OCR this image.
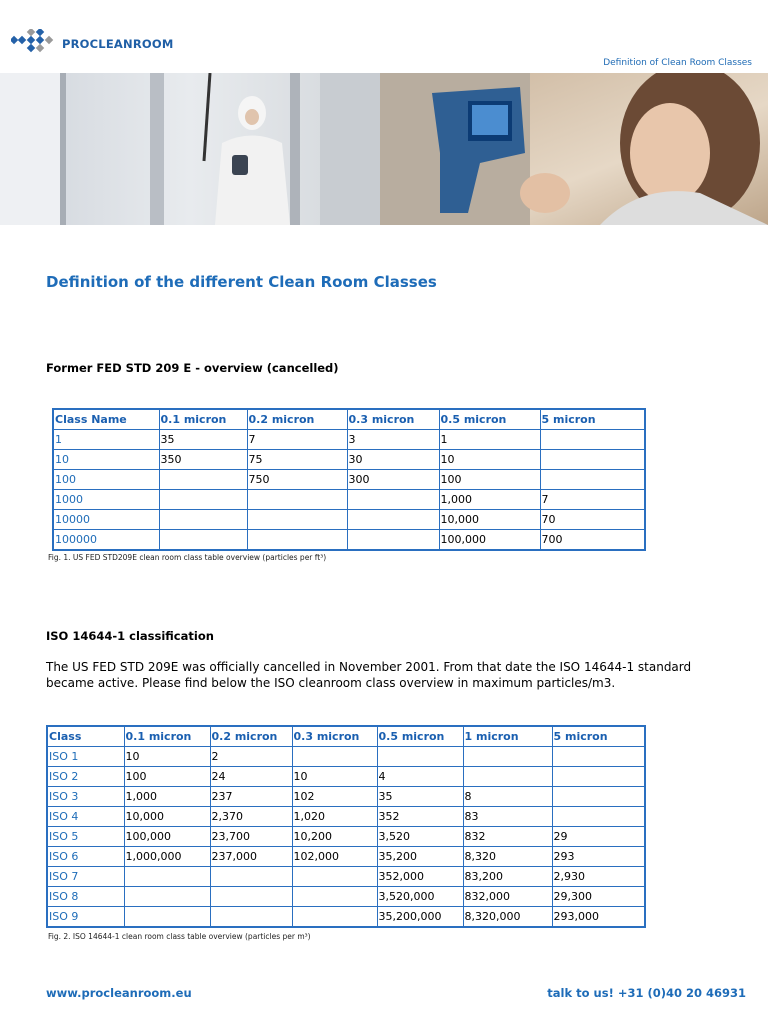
PROCLEANROOM
Definition of Clean Room Classes
Definition of the different Clean Room Classes
Former FED STD 209 E - overview (cancelled)
Class Name	0.1 micron	0.2 micron	0.3 micron	0.5 micron	5 micron
1	35	7	3	1	
10	350	75	30	10	
100		750	300	100	
1000				1,000	7
10000				10,000	70
100000				100,000	700
Fig. 1. US FED STD209E clean room class table overview (particles per ft³)
ISO 14644-1 classification
The US FED STD 209E was officially cancelled in November 2001. From that date the ISO 14644-1 standard became active. Please find below the ISO cleanroom class overview in maximum particles/m3.
Class	0.1 micron	0.2 micron	0.3 micron	0.5 micron	1 micron	5 micron
ISO 1	10	2				
ISO 2	100	24	10	4		
ISO 3	1,000	237	102	35	8	
ISO 4	10,000	2,370	1,020	352	83	
ISO 5	100,000	23,700	10,200	3,520	832	29
ISO 6	1,000,000	237,000	102,000	35,200	8,320	293
ISO 7				352,000	83,200	2,930
ISO 8				3,520,000	832,000	29,300
ISO 9				35,200,000	8,320,000	293,000
Fig. 2. ISO 14644-1 clean room class table overview (particles per m³)
www.procleanroom.eu	talk to us! +31 (0)40 20 46931
